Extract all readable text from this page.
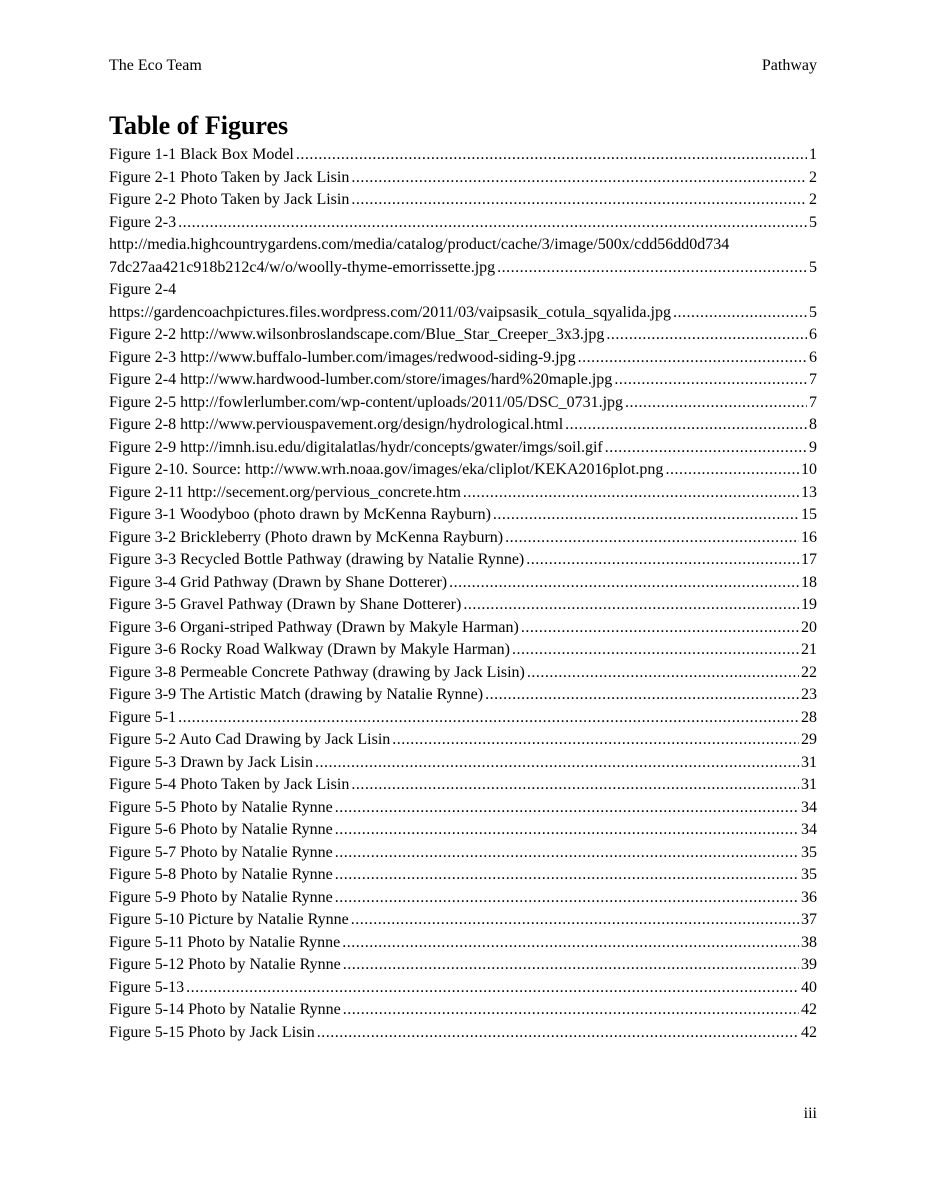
The Eco Team	Pathway
Table of Figures
Figure 1-1 Black Box Model .....	1
Figure 2-1 Photo Taken by Jack Lisin .....	2
Figure 2-2 Photo Taken by Jack Lisin .....	2
Figure 2-3 .....	5
http://media.highcountrygardens.com/media/catalog/product/cache/3/image/500x/cdd56dd0d734
7dc27aa421c918b212c4/w/o/woolly-thyme-emorrissette.jpg .....	5
Figure 2-4
https://gardencoachpictures.files.wordpress.com/2011/03/vaipsasik_cotula_sqyalida.jpg .....	5
Figure 2-2 http://www.wilsonbroslandscape.com/Blue_Star_Creeper_3x3.jpg .....	6
Figure 2-3 http://www.buffalo-lumber.com/images/redwood-siding-9.jpg .....	6
Figure 2-4 http://www.hardwood-lumber.com/store/images/hard%20maple.jpg .....	7
Figure 2-5 http://fowlerlumber.com/wp-content/uploads/2011/05/DSC_0731.jpg .....	7
Figure 2-8 http://www.perviouspavement.org/design/hydrological.html .....	8
Figure 2-9 http://imnh.isu.edu/digitalatlas/hydr/concepts/gwater/imgs/soil.gif .....	9
Figure 2-10. Source: http://www.wrh.noaa.gov/images/eka/cliplot/KEKA2016plot.png .....	10
Figure 2-11 http://secement.org/pervious_concrete.htm .....	13
Figure 3-1 Woodyboo (photo drawn by McKenna Rayburn) .....	15
Figure 3-2 Brickleberry (Photo drawn by McKenna Rayburn) .....	16
Figure 3-3 Recycled Bottle Pathway (drawing by Natalie Rynne) .....	17
Figure 3-4 Grid Pathway (Drawn by Shane Dotterer) .....	18
Figure 3-5 Gravel Pathway (Drawn by Shane Dotterer) .....	19
Figure 3-6 Organi-striped Pathway (Drawn by Makyle Harman) .....	20
Figure 3-6 Rocky Road Walkway (Drawn by Makyle Harman) .....	21
Figure 3-8 Permeable Concrete Pathway (drawing by Jack Lisin) .....	22
Figure 3-9 The Artistic Match (drawing by Natalie Rynne) .....	23
Figure 5-1 .....	28
Figure 5-2 Auto Cad Drawing by Jack Lisin .....	29
Figure 5-3 Drawn by Jack Lisin .....	31
Figure 5-4 Photo Taken by Jack Lisin .....	31
Figure 5-5 Photo by Natalie Rynne .....	34
Figure 5-6 Photo by Natalie Rynne .....	34
Figure 5-7 Photo by Natalie Rynne .....	35
Figure 5-8 Photo by Natalie Rynne .....	35
Figure 5-9 Photo by Natalie Rynne .....	36
Figure 5-10 Picture by Natalie Rynne .....	37
Figure 5-11 Photo by Natalie Rynne .....	38
Figure 5-12 Photo by Natalie Rynne .....	39
Figure 5-13 .....	40
Figure 5-14 Photo by Natalie Rynne .....	42
Figure 5-15 Photo by Jack Lisin .....	42
iii
